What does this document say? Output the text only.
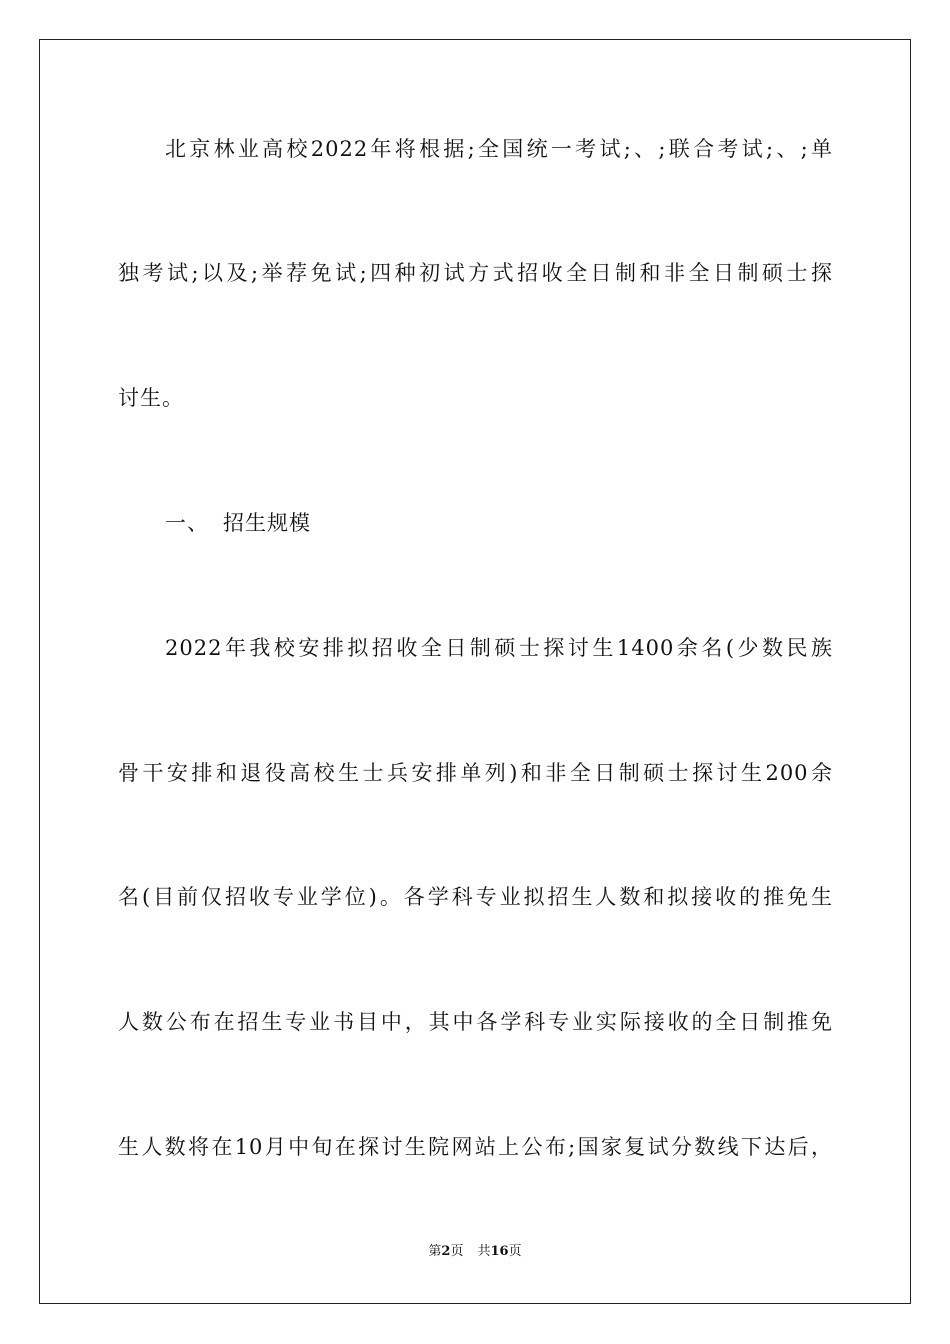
北京林业高校2022年将根据;全国统一考试;、;联合考试;、;单
独考试;以及;举荐免试;四种初试方式招收全日制和非全日制硕士探
讨生。
一、 招生规模
2022年我校安排拟招收全日制硕士探讨生1400余名(少数民族
骨干安排和退役高校生士兵安排单列)和非全日制硕士探讨生200余
名(目前仅招收专业学位)。各学科专业拟招生人数和拟接收的推免生
人数公布在招生专业书目中，其中各学科专业实际接收的全日制推免
生人数将在10月中旬在探讨生院网站上公布;国家复试分数线下达后，
第2页 共16页
